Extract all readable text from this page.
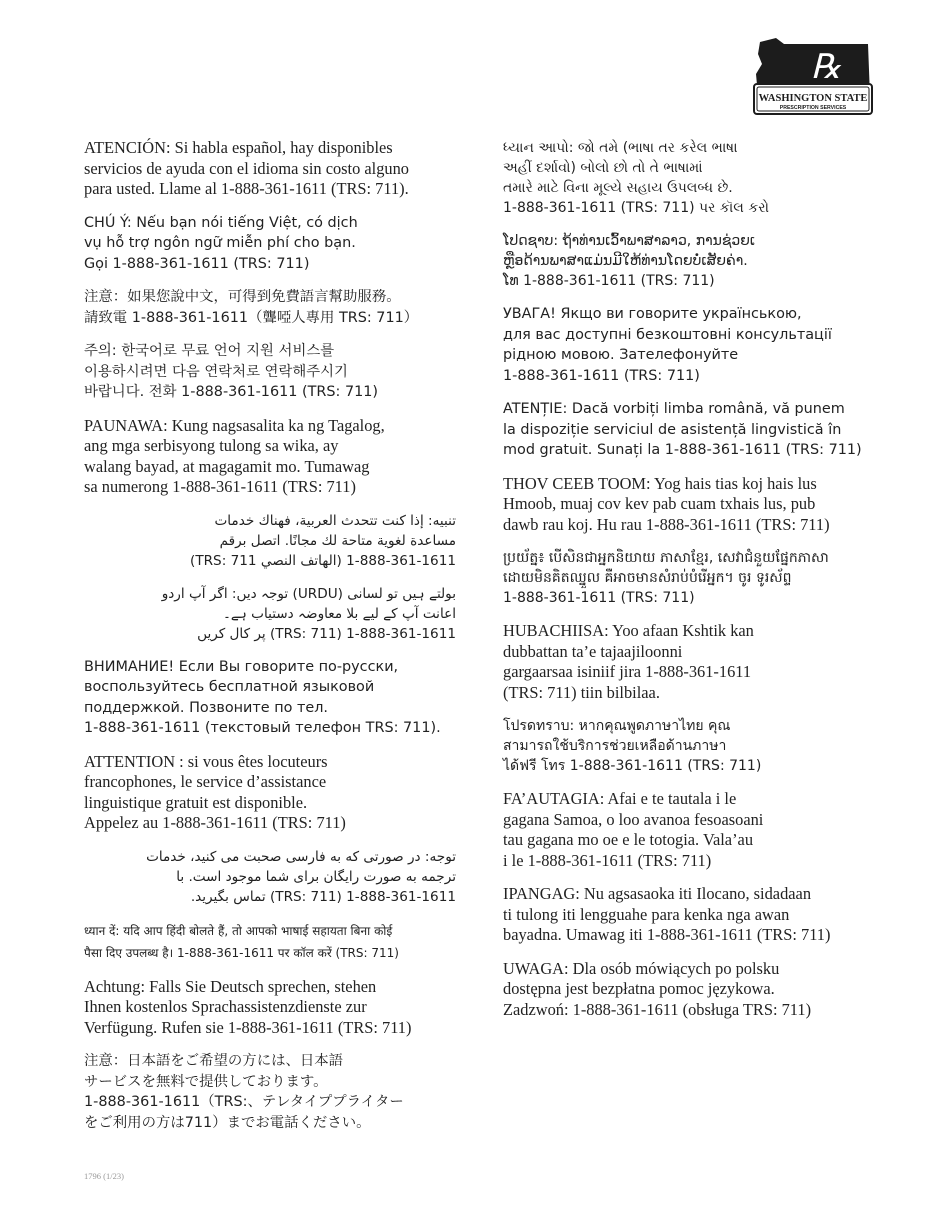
℞
WASHINGTON STATE
PRESCRIPTION SERVICES

ATENCIÓN: Si habla español, hay disponibles
servicios de ayuda con el idioma sin costo alguno
para usted. Llame al 1-888-361-1611 (TRS: 711).

CHÚ Ý: Nếu bạn nói tiếng Việt, có dịch
vụ hỗ trợ ngôn ngữ miễn phí cho bạn.
Gọi 1-888-361-1611 (TRS: 711)

注意：如果您說中文，可得到免費語言幫助服務。
請致電 1-888-361-1611（聾啞人專用 TRS: 711）

주의: 한국어로 무료 언어 지원 서비스를
이용하시려면 다음 연락처로 연락해주시기
바랍니다. 전화 1-888-361-1611 (TRS: 711)

PAUNAWA: Kung nagsasalita ka ng Tagalog,
ang mga serbisyong tulong sa wika, ay
walang bayad, at magagamit mo. Tumawag
sa numerong 1-888-361-1611 (TRS: 711)

تنبيه: إذا كنت تتحدث العربية، فهناك خدمات
مساعدة لغوية متاحة لك مجانًا. اتصل برقم
1-888-361-1611 (الهاتف النصي TRS: 711)

بولتے ہیں تو لسانی (URDU) توجہ دیں: اگر آپ اردو
اعانت آپ کے لیے بلا معاوضہ دستیاب ہے۔
1-888-361-1611 (TRS: 711) پر کال کریں

ВНИМАНИЕ! Если Вы говорите по-русски,
воспользуйтесь бесплатной языковой
поддержкой. Позвоните по тел.
1-888-361-1611 (текстовый телефон TRS: 711).

ATTENTION : si vous êtes locuteurs
francophones, le service d’assistance
linguistique gratuit est disponible.
Appelez au 1-888-361-1611 (TRS: 711)

توجه: در صورتی که به فارسی صحبت می کنید، خدمات
ترجمه به صورت رایگان برای شما موجود است. با
1-888-361-1611 (TRS: 711) تماس بگیرید.

ध्यान दें: यदि आप हिंदी बोलते हैं, तो आपको भाषाई सहायता बिना कोई
पैसा दिए उपलब्ध है। 1-888-361-1611 पर कॉल करें (TRS: 711)

Achtung: Falls Sie Deutsch sprechen, stehen
Ihnen kostenlos Sprachassistenzdienste zur
Verfügung. Rufen sie 1-888-361-1611 (TRS: 711)

注意：日本語をご希望の方には、日本語
サービスを無料で提供しております。
1-888-361-1611（TRS:、テレタイププライター
をご利用の方は711）までお電話ください。

ધ્યાન આપો: જો તમે (ભાષા તર કરેલ ભાષા
અહીં દર્શાવો) બોલો છો તો તે ભાષામાં
તમારે માટે વિના મૂલ્યે સહાય ઉપલબ્ધ છે.
1-888-361-1611 (TRS: 711) પર કૉલ કરો

ໂປດຊາບ: ຖ້າທ່ານເວົ້າພາສາລາວ, ການຊ່ວຍເ
ຫຼືອດ້ານພາສາແມ່ນມີໃຫ້ທ່ານໂດຍບໍ່ເສັຍຄ່າ.
ໂທ 1-888-361-1611 (TRS: 711)

УВАГА! Якщо ви говорите українською,
для вас доступні безкоштовні консультації
рідною мовою. Зателефонуйте
1-888-361-1611 (TRS: 711)

ATENȚIE: Dacă vorbiți limba română, vă punem
la dispoziție serviciul de asistență lingvistică în
mod gratuit. Sunați la 1-888-361-1611 (TRS: 711)

THOV CEEB TOOM: Yog hais tias koj hais lus
Hmoob, muaj cov kev pab cuam txhais lus, pub
dawb rau koj. Hu rau 1-888-361-1611 (TRS: 711)

ប្រយ័ត្ន៖ បើសិនជាអ្នកនិយាយ ភាសាខ្មែរ, សេវាជំនួយផ្នែកភាសា
ដោយមិនគិតឈ្នួល គឺអាចមានសំរាប់បំរើអ្នក។ ចូរ ទូរស័ព្ទ
1-888-361-1611 (TRS: 711)

HUBACHIISA: Yoo afaan Kshtik kan
dubbattan ta’e tajaajiloonni
gargaarsaa isiniif jira 1-888-361-1611
(TRS: 711) tiin bilbilaa.

โปรดทราบ: หากคุณพูดภาษาไทย คุณ
สามารถใช้บริการช่วยเหลือด้านภาษา
ได้ฟรี โทร 1-888-361-1611 (TRS: 711)

FA’AUTAGIA: Afai e te tautala i le
gagana Samoa, o loo avanoa fesoasoani
tau gagana mo oe e le totogia. Vala’au
i le 1-888-361-1611 (TRS: 711)

IPANGAG: Nu agsasaoka iti Ilocano, sidadaan
ti tulong iti lengguahe para kenka nga awan
bayadna. Umawag iti 1-888-361-1611 (TRS: 711)

UWAGA: Dla osób mówiących po polsku
dostępna jest bezpłatna pomoc językowa.
Zadzwoń: 1-888-361-1611 (obsługa TRS: 711)

1796 (1/23)
